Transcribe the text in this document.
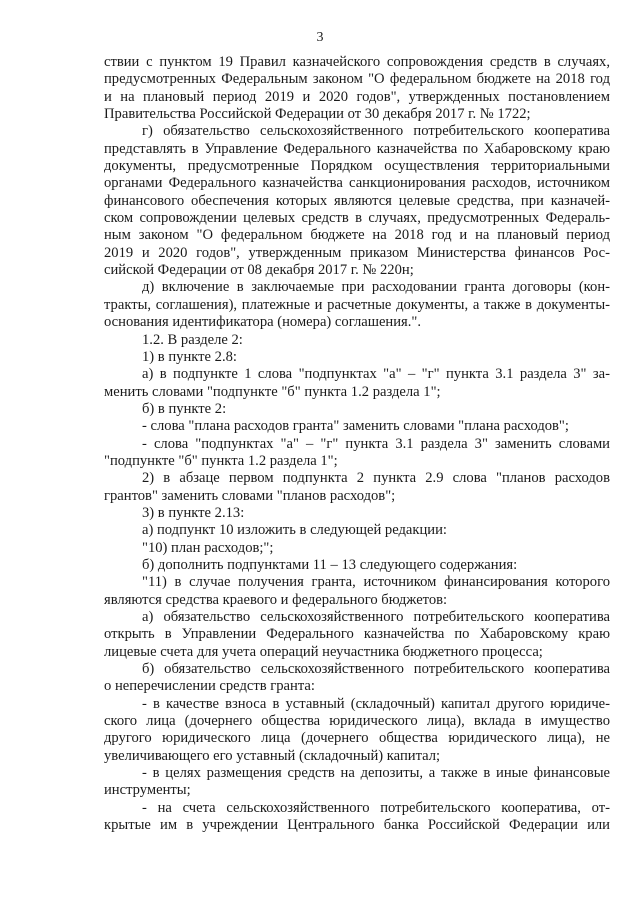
3
ствии с пунктом 19 Правил казначейского сопровождения средств в случаях,
предусмотренных Федеральным законом "О федеральном бюджете на 2018 год
и на плановый период 2019 и 2020 годов", утвержденных постановлением
Правительства Российской Федерации от 30 декабря 2017 г. № 1722;
г) обязательство сельскохозяйственного потребительского кооператива
представлять в Управление Федерального казначейства по Хабаровскому краю
документы, предусмотренные Порядком осуществления территориальными
органами Федерального казначейства санкционирования расходов, источником
финансового обеспечения которых являются целевые средства, при казначей-
ском сопровождении целевых средств в случаях, предусмотренных Федераль-
ным законом "О федеральном бюджете на 2018 год и на плановый период
2019 и 2020 годов", утвержденным приказом Министерства финансов Рос-
сийской Федерации от 08 декабря 2017 г. № 220н;
д) включение в заключаемые при расходовании гранта договоры (кон-
тракты, соглашения), платежные и расчетные документы, а также в документы-
основания идентификатора (номера) соглашения.".
1.2. В разделе 2:
1) в пункте 2.8:
а) в подпункте 1 слова "подпунктах "а" – "г" пункта 3.1 раздела 3" за-
менить словами "подпункте "б" пункта 1.2 раздела 1";
б) в пункте 2:
- слова "плана расходов гранта" заменить словами "плана расходов";
- слова "подпунктах "а" – "г" пункта 3.1 раздела 3" заменить словами
"подпункте "б" пункта 1.2 раздела 1";
2) в абзаце первом подпункта 2 пункта 2.9 слова "планов расходов
грантов" заменить словами "планов расходов";
3) в пункте 2.13:
а) подпункт 10 изложить в следующей редакции:
"10) план расходов;";
б) дополнить подпунктами 11 – 13 следующего содержания:
"11) в случае получения гранта, источником финансирования которого
являются средства краевого и федерального бюджетов:
а) обязательство сельскохозяйственного потребительского кооператива
открыть в Управлении Федерального казначейства по Хабаровскому краю
лицевые счета для учета операций неучастника бюджетного процесса;
б) обязательство сельскохозяйственного потребительского кооператива
о неперечислении средств гранта:
- в качестве взноса в уставный (складочный) капитал другого юридиче-
ского лица (дочернего общества юридического лица), вклада в имущество
другого юридического лица (дочернего общества юридического лица), не
увеличивающего его уставный (складочный) капитал;
- в целях размещения средств на депозиты, а также в иные финансовые
инструменты;
- на счета сельскохозяйственного потребительского кооператива, от-
крытые им в учреждении Центрального банка Российской Федерации или
